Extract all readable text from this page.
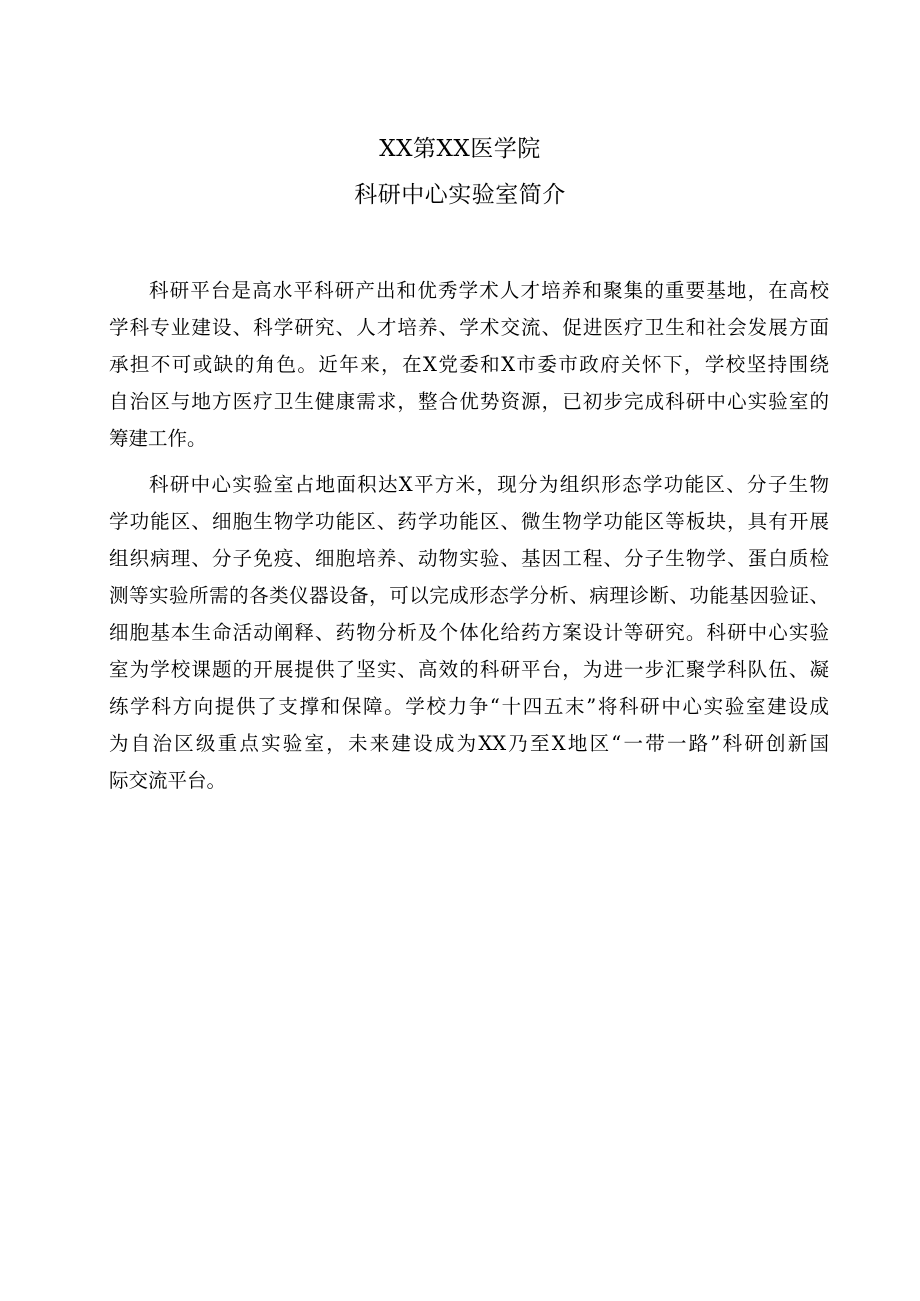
XX第XX医学院
科研中心实验室简介
科研平台是高水平科研产出和优秀学术人才培养和聚集的重要基地，在高校
学科专业建设、科学研究、人才培养、学术交流、促进医疗卫生和社会发展方面
承担不可或缺的角色。近年来，在X党委和X市委市政府关怀下，学校坚持围绕
自治区与地方医疗卫生健康需求，整合优势资源，已初步完成科研中心实验室的
筹建工作。
科研中心实验室占地面积达X平方米，现分为组织形态学功能区、分子生物
学功能区、细胞生物学功能区、药学功能区、微生物学功能区等板块，具有开展
组织病理、分子免疫、细胞培养、动物实验、基因工程、分子生物学、蛋白质检
测等实验所需的各类仪器设备，可以完成形态学分析、病理诊断、功能基因验证、
细胞基本生命活动阐释、药物分析及个体化给药方案设计等研究。科研中心实验
室为学校课题的开展提供了坚实、高效的科研平台，为进一步汇聚学科队伍、凝
练学科方向提供了支撑和保障。学校力争“十四五末”将科研中心实验室建设成
为自治区级重点实验室，未来建设成为XX乃至X地区“一带一路”科研创新国
际交流平台。
